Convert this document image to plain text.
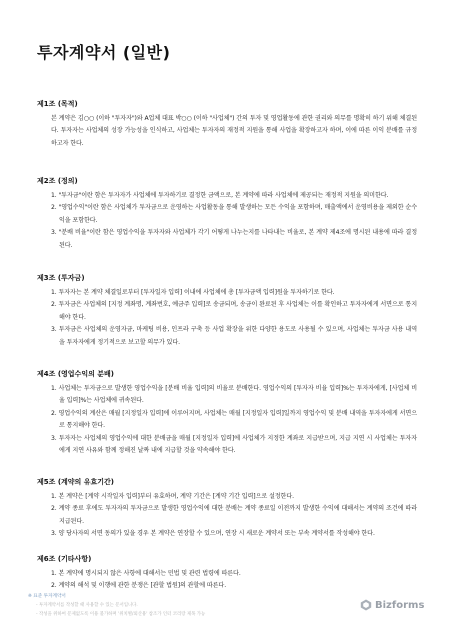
투자계약서 (일반)

제1조 (목적)

본 계약은 김○○ (이하 "투자자")와 A업체 대표 박○○ (이하 "사업체") 간의 투자 및 영업활동에 관한 권리와 의무를 명확히 하기 위해 체결된다. 투자자는 사업체의 성장 가능성을 인식하고, 사업체는 투자자의 재정적 지원을 통해 사업을 확장하고자 하며, 이에 따른 이익 분배를 규정하고자 한다.

제2조 (정의)

1. "투자금"이란 함은 투자자가 사업체에 투자하기로 결정한 금액으로, 본 계약에 따라 사업체에 제공되는 재정적 지원을 의미한다.
2. "영업수익"이란 함은 사업체가 투자금으로 운영하는 사업활동을 통해 발생하는 모든 수익을 포함하며, 매출액에서 운영비용을 제외한 순수익을 포함한다.
3. "분배 비율"이란 함은 영업수익을 투자자와 사업체가 각기 어떻게 나누는지를 나타내는 비율로, 본 계약 제4조에 명시된 내용에 따라 결정된다.

제3조 (투자금)

1. 투자자는 본 계약 체결일로부터 [투자일자 입력] 이내에 사업체에 총 [투자금액 입력]원을 투자하기로 한다.
2. 투자금은 사업체의 [지정 계좌명, 계좌번호, 예금주 입력]로 송금되며, 송금이 완료된 후 사업체는 이를 확인하고 투자자에게 서면으로 통지해야 한다.
3. 투자금은 사업체의 운영자금, 마케팅 비용, 인프라 구축 등 사업 확장을 위한 다양한 용도로 사용될 수 있으며, 사업체는 투자금 사용 내역을 투자자에게 정기적으로 보고할 의무가 있다.

제4조 (영업수익의 분배)

1. 사업체는 투자금으로 발생한 영업수익을 [분배 비율 입력]의 비율로 분배한다. 영업수익의 [투자자 비율 입력]%는 투자자에게, [사업체 비율 입력]%는 사업체에 귀속된다.
2. 영업수익의 계산은 매월 [지정일자 입력]에 이루어지며, 사업체는 매월 [지정일자 입력]일까지 영업수익 및 분배 내역을 투자자에게 서면으로 통지해야 한다.
3. 투자자는 사업체의 영업수익에 대한 분배금을 매월 [지정일자 입력]에 사업체가 지정한 계좌로 지급받으며, 지급 지연 시 사업체는 투자자에게 지연 사유와 함께 정해진 날짜 내에 지급할 것을 약속해야 한다.

제5조 (계약의 유효기간)

1. 본 계약은 [계약 시작일자 입력]부터 유효하며, 계약 기간은 [계약 기간 입력]으로 설정한다.
2. 계약 종료 후에도 투자자의 투자금으로 발생한 영업수익에 대한 분배는 계약 종료일 이전까지 발생한 수익에 대해서는 계약의 조건에 따라 지급된다.
3. 양 당사자의 서면 동의가 있을 경우 본 계약은 연장할 수 있으며, 연장 시 새로운 계약서 또는 부속 계약서를 작성해야 한다.

제6조 (기타사항)

1. 본 계약에 명시되지 않은 사항에 대해서는 민법 및 관련 법령에 따른다.
2. 계약의 해석 및 이행에 관한 분쟁은 [관할 법원]의 관할에 따른다.

※ 표준 투자계약서

- 투자계약서를 작성할 때 사용할 수 있는 문서입니다.

- 작성을 위하여 문제없도록 이용 불가하며 '위치별/외산용' 참조가 인터 코리랑 제목 가능

Bizforms
